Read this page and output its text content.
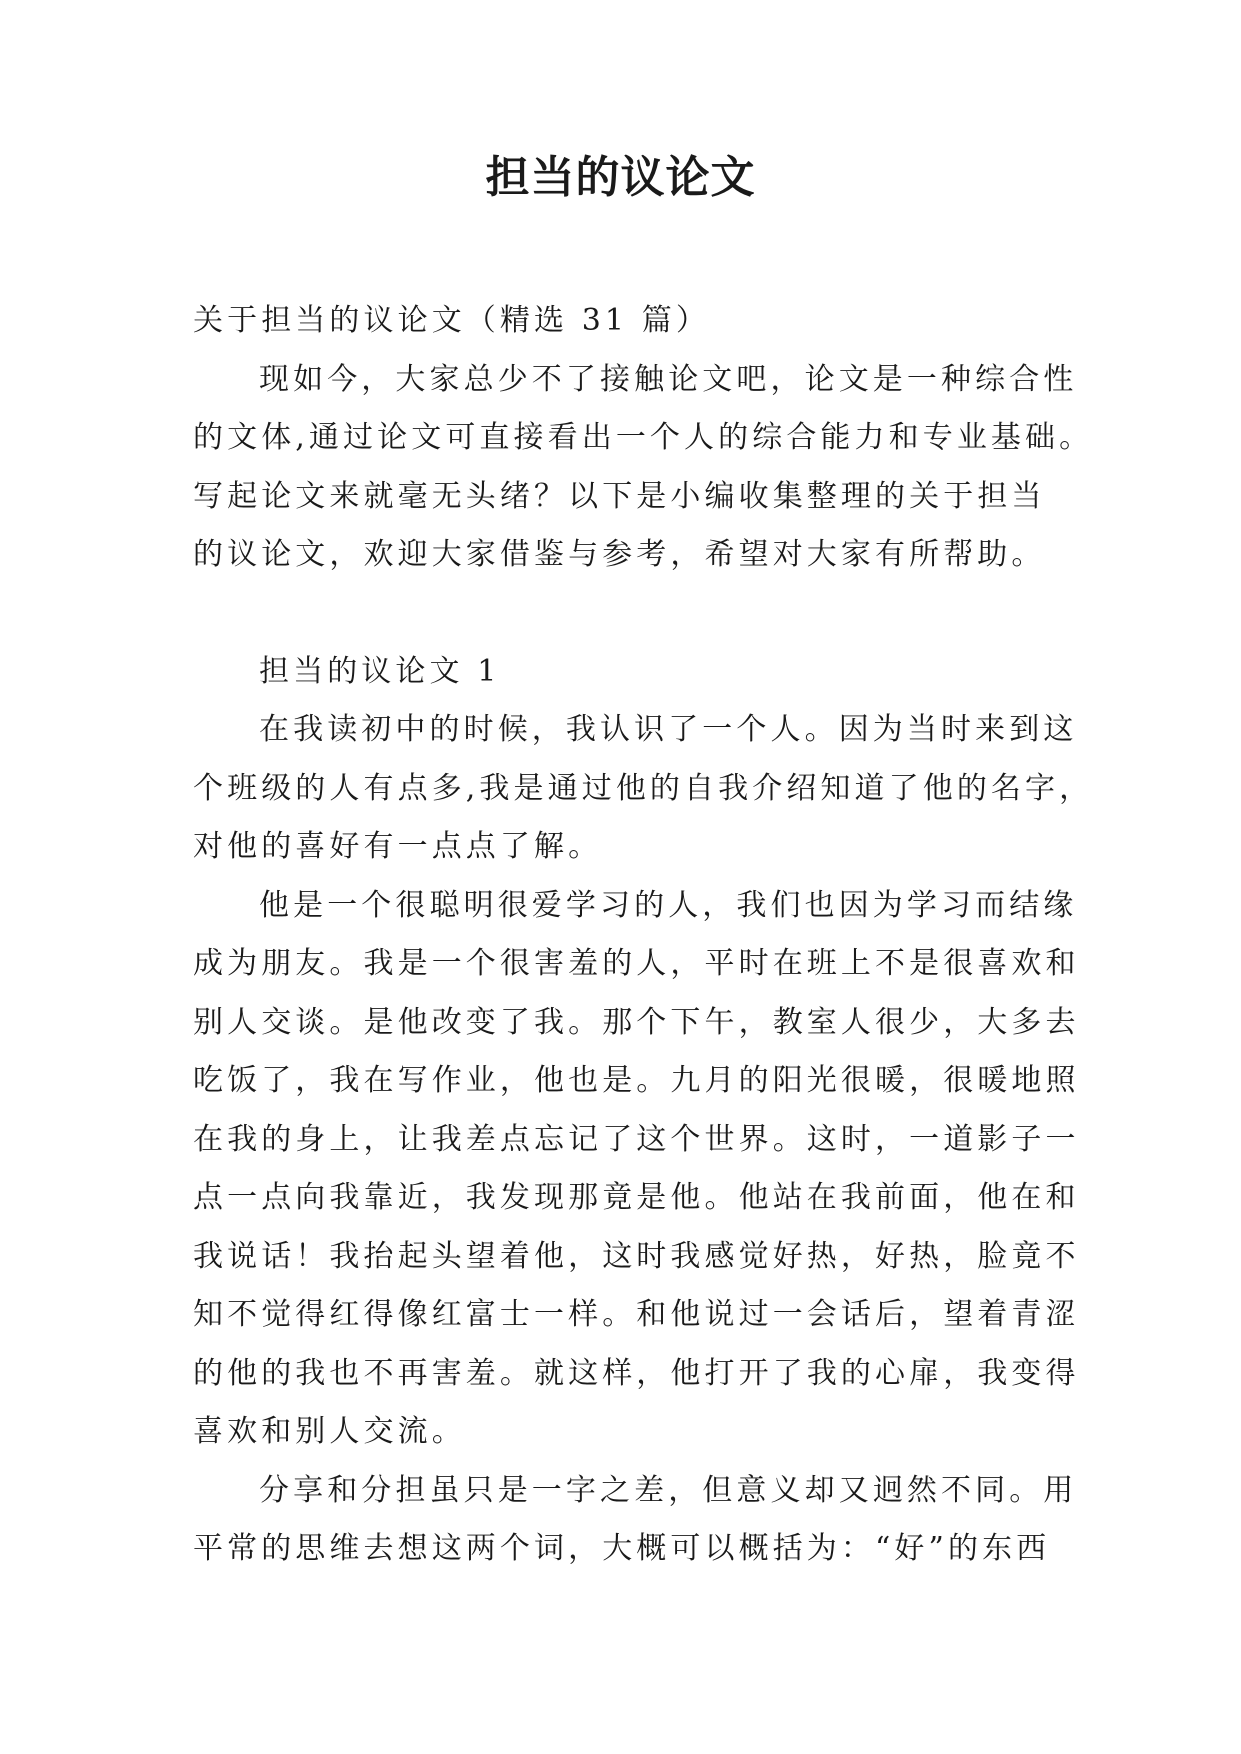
担当的议论文
关于担当的议论文（精选 31 篇）
现如今，大家总少不了接触论文吧，论文是一种综合性
的文体,通过论文可直接看出一个人的综合能力和专业基础。
写起论文来就毫无头绪？以下是小编收集整理的关于担当
的议论文，欢迎大家借鉴与参考，希望对大家有所帮助。
担当的议论文 1
在我读初中的时候，我认识了一个人。因为当时来到这
个班级的人有点多,我是通过他的自我介绍知道了他的名字，
对他的喜好有一点点了解。
他是一个很聪明很爱学习的人，我们也因为学习而结缘
成为朋友。我是一个很害羞的人，平时在班上不是很喜欢和
别人交谈。是他改变了我。那个下午，教室人很少，大多去
吃饭了，我在写作业，他也是。九月的阳光很暖，很暖地照
在我的身上，让我差点忘记了这个世界。这时，一道影子一
点一点向我靠近，我发现那竟是他。他站在我前面，他在和
我说话！我抬起头望着他，这时我感觉好热，好热，脸竟不
知不觉得红得像红富士一样。和他说过一会话后，望着青涩
的他的我也不再害羞。就这样，他打开了我的心扉，我变得
喜欢和别人交流。
分享和分担虽只是一字之差，但意义却又迥然不同。用
平常的思维去想这两个词，大概可以概括为：“好”的东西
